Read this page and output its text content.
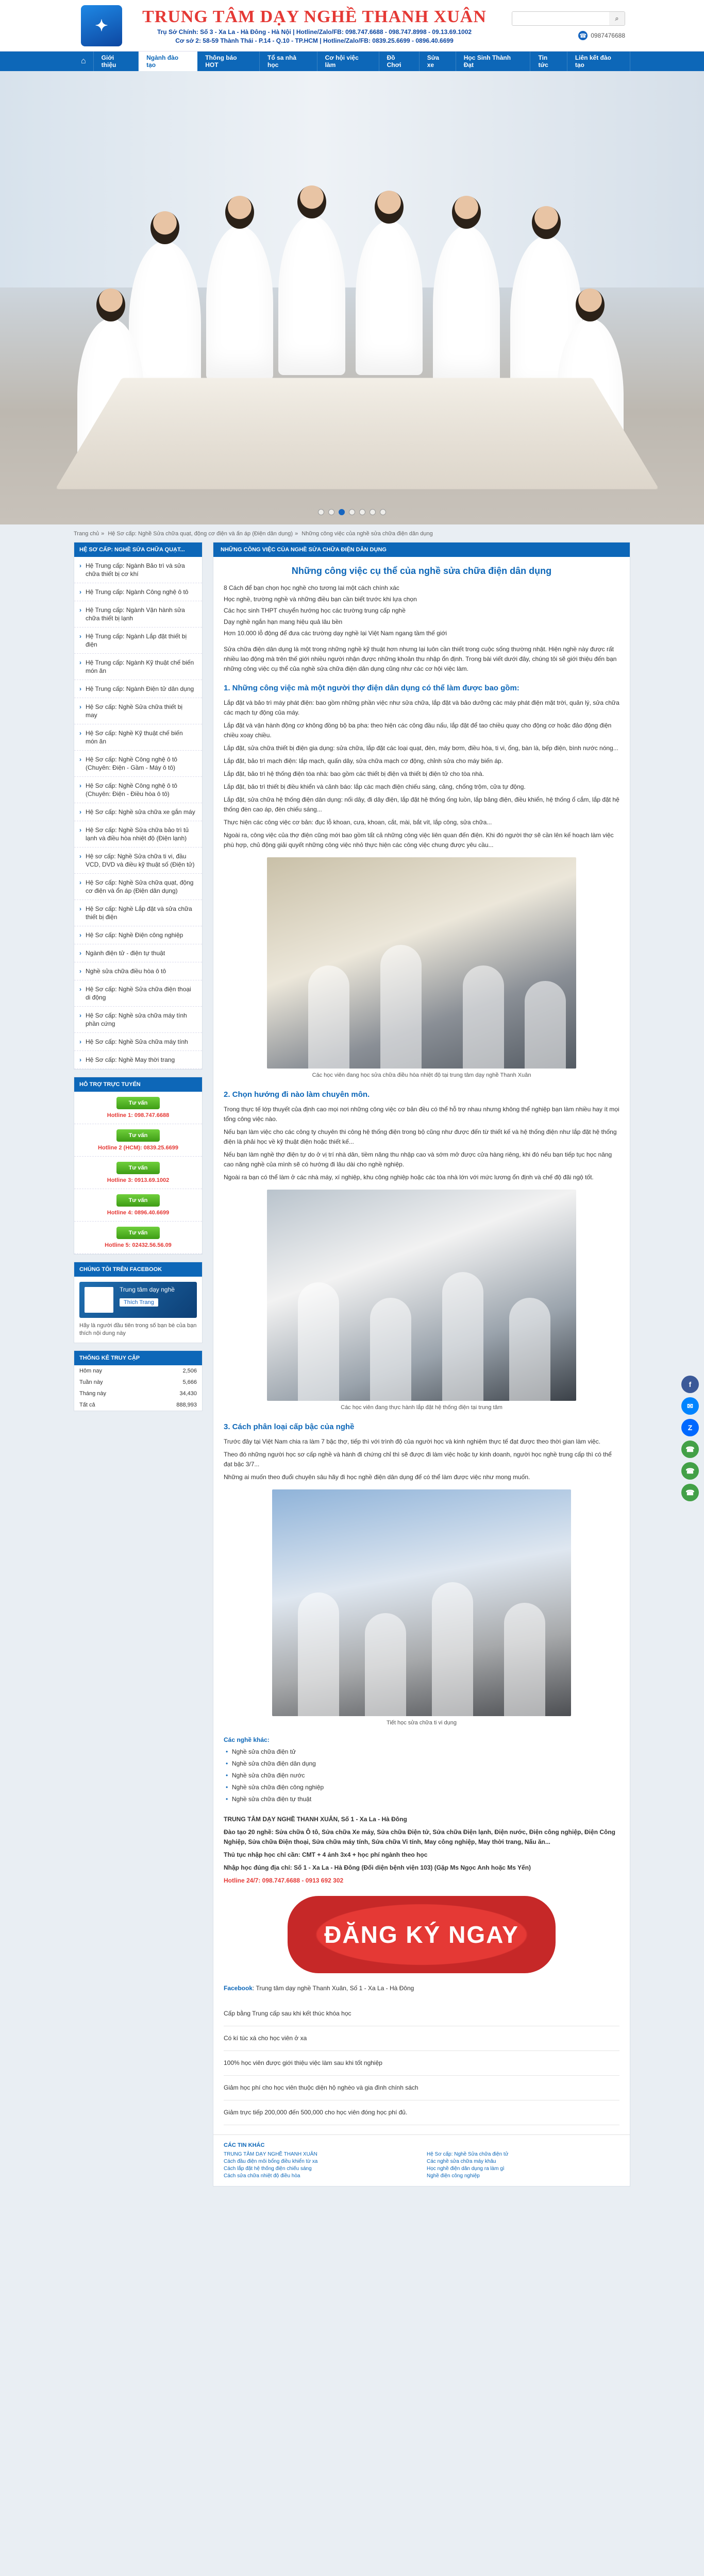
✦	TRUNG TÂM DẠY NGHỀ THANH XUÂN
Trụ Sở Chính: Số 3 - Xa La - Hà Đông - Hà Nội | Hotline/Zalo/FB: 098.747.6688 - 098.747.8998 - 09.13.69.1002
Cơ sở 2: 58-59 Thành Thái - P.14 - Q.10 - TP.HCM | Hotline/Zalo/FB: 0839.25.6699 - 0896.40.6699
⌕
☎ 0987476688
⌂	Giới thiệu
Ngành đào tạo
Thông báo HOT
Tổ sa nhà học
Cơ hội việc làm
Đồ Chơi
Sửa xe
Học Sinh Thành Đạt
Tin tức
Liên kết đào tạo
Trang chủ » Hệ Sơ cấp: Nghề Sửa chữa quạt, động cơ điện và ấn áp (Điện dân dụng) » Những công việc của nghề sửa chữa điện dân dụng
HỆ SƠ CẤP: NGHỀ SỬA CHỮA QUẠT...
› Hệ Trung cấp: Ngành Bảo trì và sửa chữa thiết bị cơ khí
› Hệ Trung cấp: Ngành Công nghệ ô tô
› Hệ Trung cấp: Ngành Vận hành sửa chữa thiết bị lạnh
› Hệ Trung cấp: Ngành Lắp đặt thiết bị điện
› Hệ Trung cấp: Ngành Kỹ thuật chế biến món ăn
› Hệ Trung cấp: Ngành Điện tử dân dụng
› Hệ Sơ cấp: Nghề Sửa chữa thiết bị may
› Hệ Sơ cấp: Nghề Kỹ thuật chế biến món ăn
› Hệ Sơ cấp: Nghề Công nghệ ô tô (Chuyên: Điện - Gầm - Máy ô tô)
› Hệ Sơ cấp: Nghề Công nghệ ô tô (Chuyên: Điện - Điều hòa ô tô)
› Hệ Sơ cấp: Nghề sửa chữa xe gắn máy
› Hệ Sơ cấp: Nghề Sửa chữa bảo trì tủ lạnh và điều hòa nhiệt độ (Điện lạnh)
› Hệ sơ cấp: Nghề Sửa chữa ti vi, đầu VCD, DVD và điều kỹ thuật số (Điện tử)
› Hệ Sơ cấp: Nghề Sửa chữa quạt, động cơ điện và ổn áp (Điện dân dụng)
› Hệ Sơ cấp: Nghề Lắp đặt và sửa chữa thiết bị điện
› Hệ Sơ cấp: Nghề Điện công nghiệp
› Ngành điện tử - điện tự thuật
› Nghề sửa chữa điều hòa ô tô
› Hệ Sơ cấp: Nghề Sửa chữa điện thoại di động
› Hệ Sơ cấp: Nghề sửa chữa máy tính phần cứng
› Hệ Sơ cấp: Nghề Sửa chữa máy tính
› Hệ Sơ cấp: Nghề May thời trang
HỖ TRỢ TRỰC TUYẾN
Tư vấn
Hotline 1: 098.747.6688
Tư vấn
Hotline 2 (HCM): 0839.25.6699
Tư vấn
Hotline 3: 0913.69.1002
Tư vấn
Hotline 4: 0896.40.6699
Tư vấn
Hotline 5: 02432.56.56.09
CHÚNG TÔI TRÊN FACEBOOK
Trung tâm dạy nghề
Thích Trang

Hãy là người đầu tiên trong số bạn bè của bạn thích nội dung này

THỐNG KÊ TRUY CẬP
Hôm nay	2,506
Tuần này	5,666
Tháng này	34,430
Tất cả	888,993
NHỮNG CÔNG VIỆC CỦA NGHỀ SỬA CHỮA ĐIỆN DÂN DỤNG
Những công việc cụ thể của nghề sửa chữa điện dân dụng

8 Cách để bạn chọn học nghề cho tương lai một cách chính xác

Học nghề, trường nghề và những điều bạn cần biết trước khi lựa chọn

Các học sinh THPT chuyển hướng học các trường trung cấp nghề

Dạy nghề ngắn hạn mang hiệu quả lâu bền

Hơn 10.000 lỗ động để đưa các trường dạy nghề lại Việt Nam ngang tầm thế giới

Sửa chữa điện dân dụng là một trong những nghề kỹ thuật hơn nhưng lại luôn cần thiết trong cuộc sống thường nhật. Hiện nghề này được rất nhiều lao động mà trên thế giới nhiều người nhận được những khoản thu nhập ổn định. Trong bài viết dưới đây, chúng tôi sẽ giới thiệu đến bạn những công việc cụ thể của nghề sửa chữa điện dân dụng cũng như các cơ hội việc làm.

1. Những công việc mà một người thợ điện dân dụng có thể làm được bao gồm:

Lắp đặt và bảo trì máy phát điện: bao gồm những phần việc như sửa chữa, lắp đặt và bảo dưỡng các máy phát điện mặt trời, quản lý, sửa chữa các mạch tự động của máy.

Lắp đặt và vận hành động cơ không đồng bộ ba pha: theo hiện các công đầu nấu, lắp đặt để tao chiều quay cho động cơ hoặc đảo động điện chiều xoay chiều.

Lắp đặt, sửa chữa thiết bị điện gia dụng: sửa chữa, lắp đặt các loại quạt, đèn, máy bơm, điều hòa, ti vi, ổng, bàn là, bếp điện, bình nước nóng...

Lắp đặt, bảo trì mạch điện: lắp mạch, quấn dây, sửa chữa mạch cơ động, chỉnh sửa cho máy biến áp.

Lắp đặt, bảo trì hệ thống điện tòa nhà: bao gồm các thiết bị điện và thiết bị điện tử cho tòa nhà.

Lắp đặt, bảo trì thiết bị điều khiển và cảnh báo: lắp các mạch điện chiếu sáng, cảng, chống trộm, cửa tự động.

Lắp đặt, sửa chữa hệ thống điện dân dụng: nối dây, đi dây điện, lắp đặt hệ thống ống luồn, lắp bảng điện, điều khiển, hệ thống ổ cắm, lắp đặt hệ thống đèn cao áp, đèn chiếu sáng...

Thực hiện các công việc cơ bản: đục lỗ khoan, cưa, khoan, cắt, mài, bắt vít, lắp công, sửa chữa...

Ngoài ra, công việc của thợ điện cũng mới bao gồm tất cả những công việc liên quan đến điện. Khi đó người thợ sẽ cần lên kế hoạch làm việc phù hợp, chủ động giải quyết những công việc nhỏ thực hiện các công việc chung được yêu cầu...

Các học viên đang học sửa chữa điều hòa nhiệt độ tại trung tâm dạy nghề Thanh Xuân
2. Chọn hướng đi nào làm chuyên môn.

Trong thực tế lớp thuyết của định cao mọi nơi những công việc cơ bản đều có thể hỗ trợ nhau nhưng không thể nghiệp bạn làm nhiều hay ít mọi tổng công việc nào.

Nếu bạn làm việc cho các công ty chuyên thi công hệ thống điện trong bộ cũng như được đến từ thiết kế và hệ thống điện như lắp đặt hệ thống điện là phải học về kỹ thuật điện hoặc thiết kế...

Nếu bạn làm nghề thợ điện tự do ở vị trí nhà dân, tiềm năng thu nhập cao và sớm mở được cửa hàng riêng, khi đó nếu bạn tiếp tục học nâng cao năng nghề của mình sẽ có hướng đi lâu dài cho nghề nghiệp.

Ngoài ra bạn có thể làm ở các nhà máy, xí nghiệp, khu công nghiệp hoặc các tòa nhà lớn với mức lương ổn định và chế độ đãi ngộ tốt.

Các học viên đang thực hành lắp đặt hệ thống điện tại trung tâm
3. Cách phân loại cấp bậc của nghề

Trước đây tại Việt Nam chia ra làm 7 bậc thợ, tiếp thì với trình độ của người học và kinh nghiệm thực tế đạt được theo thời gian làm việc.

Theo đó những người học sơ cấp nghề và hành đi chứng chỉ thì sẽ được đi làm việc hoặc tự kinh doanh, người học nghề trung cấp thì có thể đạt bậc 3/7...

Những ai muốn theo đuổi chuyên sâu hãy đi học nghề điện dân dụng để có thể làm được việc như mong muốn.

Tiết học sửa chữa ti vi dụng
Các nghề khác:
• Nghề sửa chữa điện tử
• Nghề sửa chữa điện dân dụng
• Nghề sửa chữa điện nước
• Nghề sửa chữa điện công nghiệp
• Nghề sửa chữa điện tự thuật

TRUNG TÂM DẠY NGHỀ THANH XUÂN, Số 1 - Xa La - Hà Đông

Đào tạo 20 nghề: Sửa chữa Ô tô, Sửa chữa Xe máy, Sửa chữa Điện tử, Sửa chữa Điện lạnh, Điện nước, Điện công nghiệp, Điện Công Nghiệp, Sửa chữa Điện thoại, Sửa chữa máy tính, Sửa chữa Vi tính, May công nghiệp, May thời trang, Nấu ăn...

Thủ tục nhập học chỉ cần: CMT + 4 ảnh 3x4 + học phí ngành theo học

Nhập học đúng địa chỉ: Số 1 - Xa La - Hà Đông (Đối diện bệnh viện 103) (Gặp Ms Ngọc Anh hoặc Ms Yến)

Hotline 24/7: 098.747.6688 - 0913 692 302

ĐĂNG KÝ NGAY
Facebook: Trung tâm dạy nghề Thanh Xuân, Số 1 - Xa La - Hà Đông
Cấp bằng Trung cấp sau khi kết thúc khóa học
Có kí túc xá cho học viên ở xa
100% học viên được giới thiệu việc làm sau khi tốt nghiệp
Giảm học phí cho học viên thuộc diện hộ nghèo và gia đình chính sách
Giảm trực tiếp 200,000 đến 500,000 cho học viên đóng học phí đủ.
CÁC TIN KHÁC
TRUNG TÂM DẠY NGHỀ THANH XUÂN	Hệ Sơ cấp: Nghề Sửa chữa điện tử
Cách đầu điện môi bổng điều khiển từ xa	Các nghề sửa chữa máy khâu
Cách lắp đặt hệ thống điện chiếu sáng	Học nghề điện dân dụng ra làm gì
Cách sửa chữa nhiệt độ điều hòa	Nghề điện công nghiệp
f
✉
Z
☎
☎
☎
